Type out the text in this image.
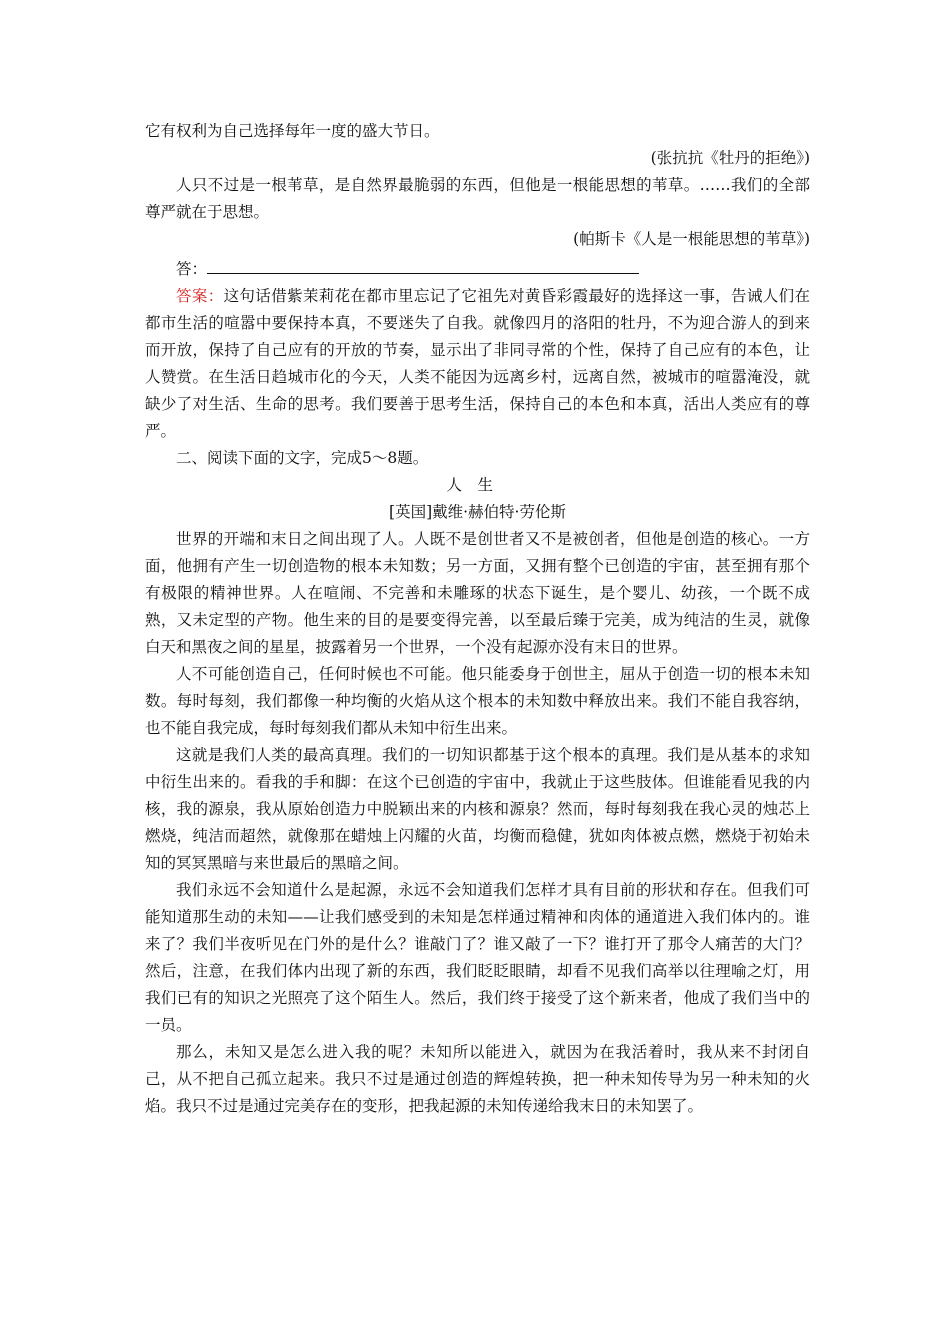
它有权利为自己选择每年一度的盛大节日。

(张抗抗《牡丹的拒绝》)

人只不过是一根苇草，是自然界最脆弱的东西，但他是一根能思想的苇草。……我们的全部尊严就在于思想。

(帕斯卡《人是一根能思想的苇草》)

答：

答案：这句话借紫茉莉花在都市里忘记了它祖先对黄昏彩霞最好的选择这一事，告诫人们在都市生活的喧嚣中要保持本真，不要迷失了自我。就像四月的洛阳的牡丹，不为迎合游人的到来而开放，保持了自己应有的开放的节奏，显示出了非同寻常的个性，保持了自己应有的本色，让人赞赏。在生活日趋城市化的今天，人类不能因为远离乡村，远离自然，被城市的喧嚣淹没，就缺少了对生活、生命的思考。我们要善于思考生活，保持自己的本色和本真，活出人类应有的尊严。

二、阅读下面的文字，完成5～8题。

人生

[英国]戴维·赫伯特·劳伦斯

世界的开端和末日之间出现了人。人既不是创世者又不是被创者，但他是创造的核心。一方面，他拥有产生一切创造物的根本未知数；另一方面，又拥有整个已创造的宇宙，甚至拥有那个有极限的精神世界。人在喧闹、不完善和未雕琢的状态下诞生，是个婴儿、幼孩，一个既不成熟，又未定型的产物。他生来的目的是要变得完善，以至最后臻于完美，成为纯洁的生灵，就像白天和黑夜之间的星星，披露着另一个世界，一个没有起源亦没有末日的世界。

人不可能创造自己，任何时候也不可能。他只能委身于创世主，屈从于创造一切的根本未知数。每时每刻，我们都像一种均衡的火焰从这个根本的未知数中释放出来。我们不能自我容纳，也不能自我完成，每时每刻我们都从未知中衍生出来。

这就是我们人类的最高真理。我们的一切知识都基于这个根本的真理。我们是从基本的求知中衍生出来的。看我的手和脚：在这个已创造的宇宙中，我就止于这些肢体。但谁能看见我的内核，我的源泉，我从原始创造力中脱颖出来的内核和源泉？然而，每时每刻我在我心灵的烛芯上燃烧，纯洁而超然，就像那在蜡烛上闪耀的火苗，均衡而稳健，犹如肉体被点燃，燃烧于初始未知的冥冥黑暗与来世最后的黑暗之间。

我们永远不会知道什么是起源，永远不会知道我们怎样才具有目前的形状和存在。但我们可能知道那生动的未知——让我们感受到的未知是怎样通过精神和肉体的通道进入我们体内的。谁来了？我们半夜听见在门外的是什么？谁敲门了？谁又敲了一下？谁打开了那令人痛苦的大门？然后，注意，在我们体内出现了新的东西，我们眨眨眼睛，却看不见我们高举以往理喻之灯，用我们已有的知识之光照亮了这个陌生人。然后，我们终于接受了这个新来者，他成了我们当中的一员。

那么，未知又是怎么进入我的呢？未知所以能进入，就因为在我活着时，我从来不封闭自己，从不把自己孤立起来。我只不过是通过创造的辉煌转换，把一种未知传导为另一种未知的火焰。我只不过是通过完美存在的变形，把我起源的未知传递给我末日的未知罢了。
